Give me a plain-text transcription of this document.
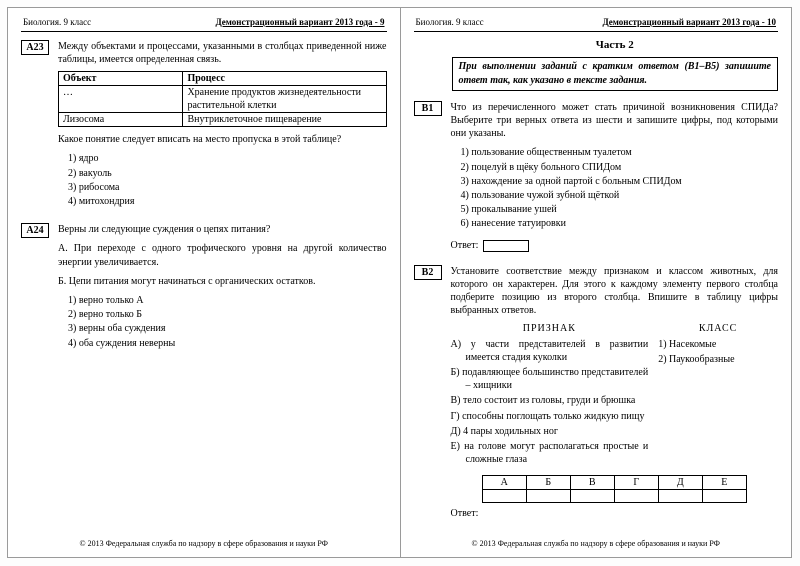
Биология. 9 класс	Демонстрационный вариант 2013 года - 9
A23	Между объектами и процессами, указанными в столбцах приведенной ниже таблицы, имеется определенная связь.

Объект	Процесс
…	Хранение продуктов жизнедеятельности растительной клетки
Лизосома	Внутриклеточное пищеварение

Какое понятие следует вписать на место пропуска в этой таблице?

1) ядро
2) вакуоль
3) рибосома
4) митохондрия
A24	Верны ли следующие суждения о цепях питания?

А. При переходе с одного трофического уровня на другой количество энергии увеличивается.

Б. Цепи питания могут начинаться с органических остатков.

1) верно только А
2) верно только Б
3) верны оба суждения
4) оба суждения неверны
© 2013 Федеральная служба по надзору в сфере образования и науки РФ
Биология. 9 класс	Демонстрационный вариант 2013 года - 10
Часть 2
При выполнении заданий с кратким ответом (В1–В5) запишите ответ так, как указано в тексте задания.
В1	Что из перечисленного может стать причиной возникновения СПИДа? Выберите три верных ответа из шести и запишите цифры, под которыми они указаны.

1) пользование общественным туалетом
2) поцелуй в щёку больного СПИДом
3) нахождение за одной партой с больным СПИДом
4) пользование чужой зубной щёткой
5) прокалывание ушей
6) нанесение татуировки
Ответ:
В2	Установите соответствие между признаком и классом животных, для которого он характерен. Для этого к каждому элементу первого столбца подберите позицию из второго столбца. Впишите в таблицу цифры выбранных ответов.

ПРИЗНАК
А) у части представителей в развитии имеется стадия куколки
Б) подавляющее большинство представителей – хищники
В) тело состоит из головы, груди и брюшка
Г) способны поглощать только жидкую пищу
Д) 4 пары ходильных ног
Е) на голове могут располагаться простые и сложные глаза
КЛАСС
1) Насекомые
2) Паукообразные
А	Б	В	Г	Д	Е

Ответ:
© 2013 Федеральная служба по надзору в сфере образования и науки РФ
